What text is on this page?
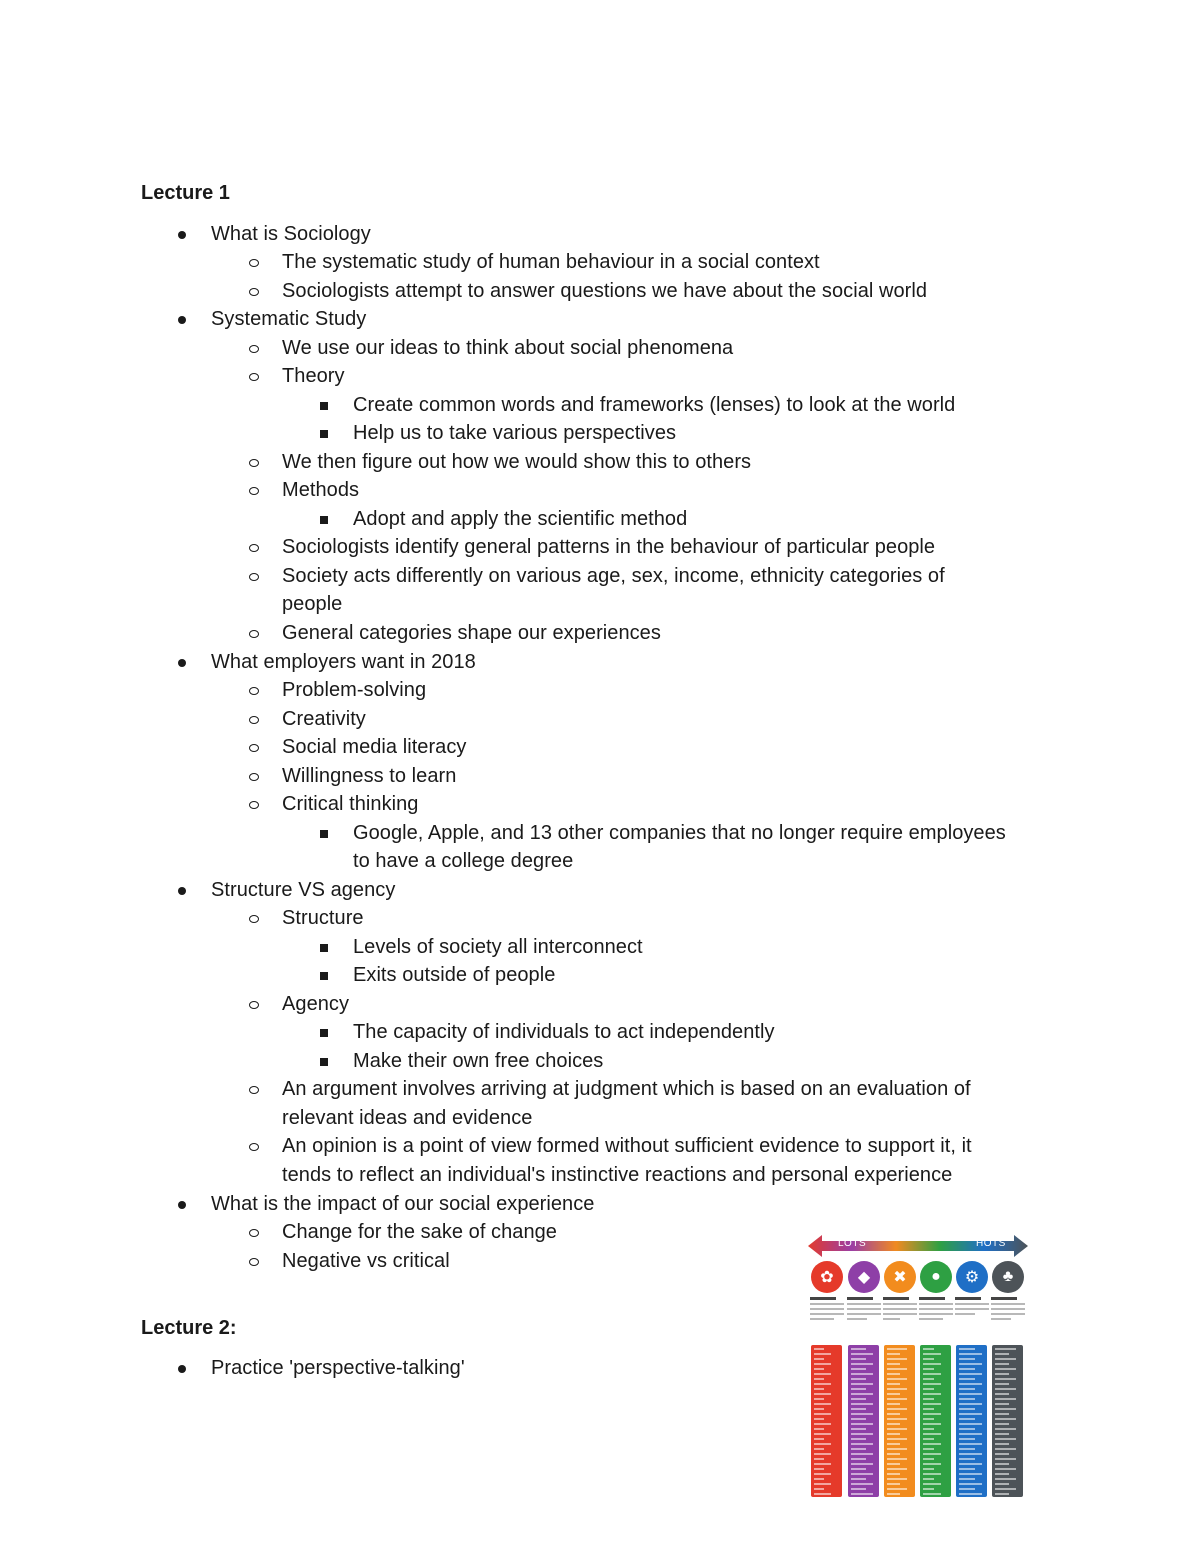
Lecture 1
What is Sociology
The systematic study of human behaviour in a social context
Sociologists attempt to answer questions we have about the social world
Systematic Study
We use our ideas to think about social phenomena
Theory
Create common words and frameworks (lenses) to look at the world
Help us to take various perspectives
We then figure out how we would show this to others
Methods
Adopt and apply the scientific method
Sociologists identify general patterns in the behaviour of particular people
Society acts differently on various age, sex, income, ethnicity categories of
people
General categories shape our experiences
What employers want in 2018
Problem-solving
Creativity
Social media literacy
Willingness to learn
Critical thinking
Google, Apple, and 13 other companies that no longer require employees
to have a college degree
Structure VS agency
Structure
Levels of society all interconnect
Exits outside of people
Agency
The capacity of individuals to act independently
Make their own free choices
An argument involves arriving at judgment which is based on an evaluation of
relevant ideas and evidence
An opinion is a point of view formed without sufficient evidence to support it, it
tends to reflect an individual's instinctive reactions and personal experience
What is the impact of our social experience
Change for the sake of change
Negative vs critical
Lecture 2:
Practice 'perspective-talking'
LOTS	HOTS
✿	◆	✖	●	⚙	♣
